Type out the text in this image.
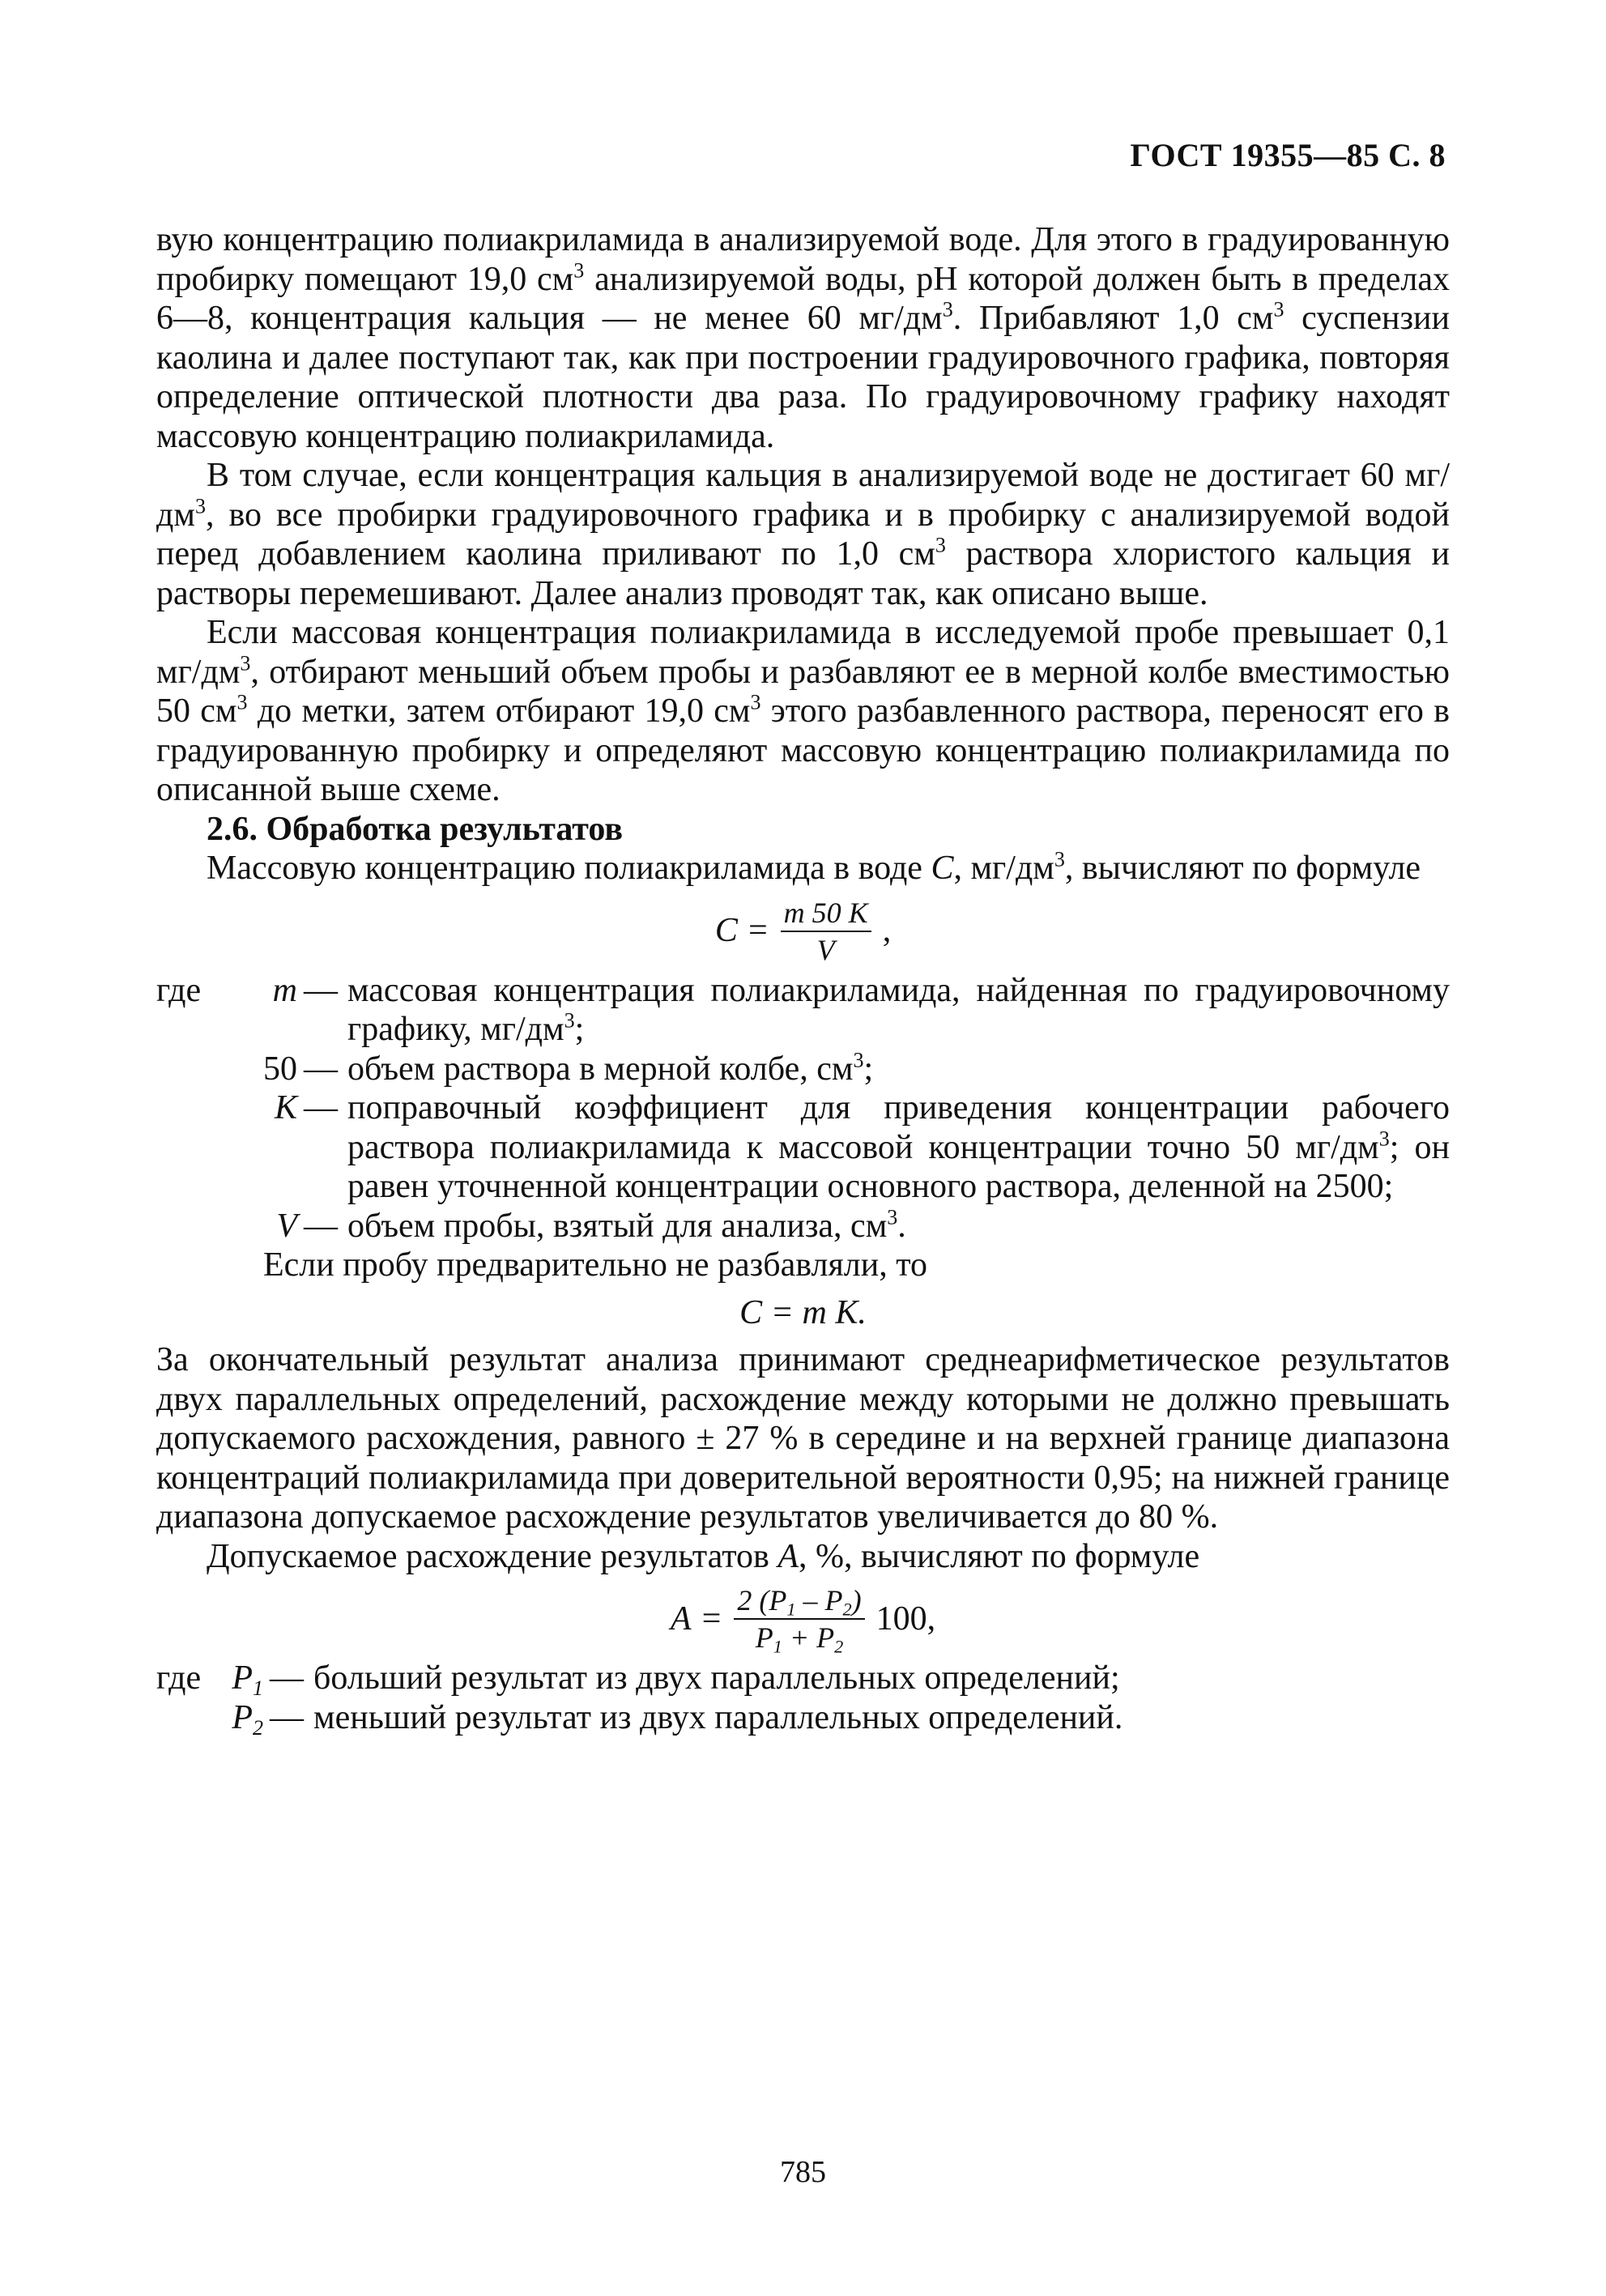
ГОСТ 19355—85 С. 8

вую концентрацию полиакриламида в анализируемой воде. Для этого в градуированную пробирку помещают 19,0 $см^3$ анализируемой воды, pH которой должен быть в пределах 6—8, концентрация кальция — не менее 60 $мг/дм^3$. Прибавляют 1,0 $см^3$ суспензии каолина и далее поступают так, как при построении градуировочного графика, повторяя определение оптической плотности два раза. По градуировочному графику находят массовую концентрацию полиакриламида.

В том случае, если концентрация кальция в анализируемой воде не достигает 60 $мг/дм^3$, во все пробирки градуировочного графика и в пробирку с анализируемой водой перед добавлением каолина приливают по 1,0 $см^3$ раствора хлористого кальция и растворы перемешивают. Далее анализ проводят так, как описано выше.

Если массовая концентрация полиакриламида в исследуемой пробе превышает 0,1 $мг/дм^3$, отбирают меньший объем пробы и разбавляют ее в мерной колбе вместимостью 50 $см^3$ до метки, затем отбирают 19,0 $см^3$ этого разбавленного раствора, переносят его в градуированную пробирку и определяют массовую концентрацию полиакриламида по описанной выше схеме.

2.6. Обработка результатов

Массовую концентрацию полиакриламида в воде С, $мг/дм^3$, вычисляют по формуле

$С = \frac{m 50 K}{V}$ ,
где	m — массовая концентрация полиакриламида, найденная по градуировочному графику, $мг/дм^3$;
50 — объем раствора в мерной колбе, $см^3$;
K — поправочный коэффициент для приведения концентрации рабочего раствора полиакриламида к массовой концентрации точно 50 $мг/дм^3$; он равен уточненной концентрации основного раствора, деленной на 2500;
V — объем пробы, взятый для анализа, $см^3$.

Если пробу предварительно не разбавляли, то

С = m K.

За окончательный результат анализа принимают среднеарифметическое результатов двух параллельных определений, расхождение между которыми не должно превышать допускаемого расхождения, равного ± 27 % в середине и на верхней границе диапазона концентраций полиакриламида при доверительной вероятности 0,95; на нижней границе диапазона допускаемое расхождение результатов увеличивается до 80 %.

Допускаемое расхождение результатов А, %, вычисляют по формуле

$А = \frac{2 (P_1 - P_2)}{P_1 + P_2} 100$,
где $P_1$ — больший результат из двух параллельных определений;
$P_2$ — меньший результат из двух параллельных определений.
785
